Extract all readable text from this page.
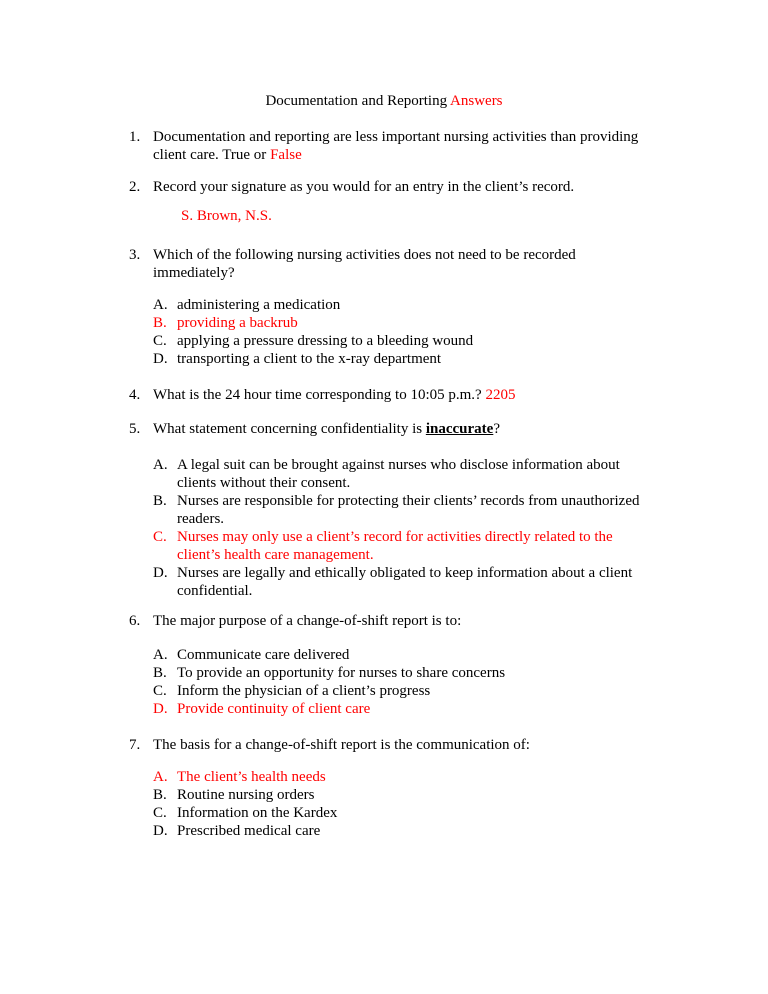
Documentation and Reporting Answers
1. Documentation and reporting are less important nursing activities than providing client care. True or False
2. Record your signature as you would for an entry in the client’s record.
S. Brown, N.S.
3. Which of the following nursing activities does not need to be recorded immediately?
A. administering a medication
B. providing a backrub
C. applying a pressure dressing to a bleeding wound
D. transporting a client to the x-ray department
4. What is the 24 hour time corresponding to 10:05 p.m.? 2205
5. What statement concerning confidentiality is inaccurate?
A. A legal suit can be brought against nurses who disclose information about clients without their consent.
B. Nurses are responsible for protecting their clients’ records from unauthorized readers.
C. Nurses may only use a client’s record for activities directly related to the client’s health care management.
D. Nurses are legally and ethically obligated to keep information about a client confidential.
6. The major purpose of a change-of-shift report is to:
A. Communicate care delivered
B. To provide an opportunity for nurses to share concerns
C. Inform the physician of a client’s progress
D. Provide continuity of client care
7. The basis for a change-of-shift report is the communication of:
A. The client’s health needs
B. Routine nursing orders
C. Information on the Kardex
D. Prescribed medical care
